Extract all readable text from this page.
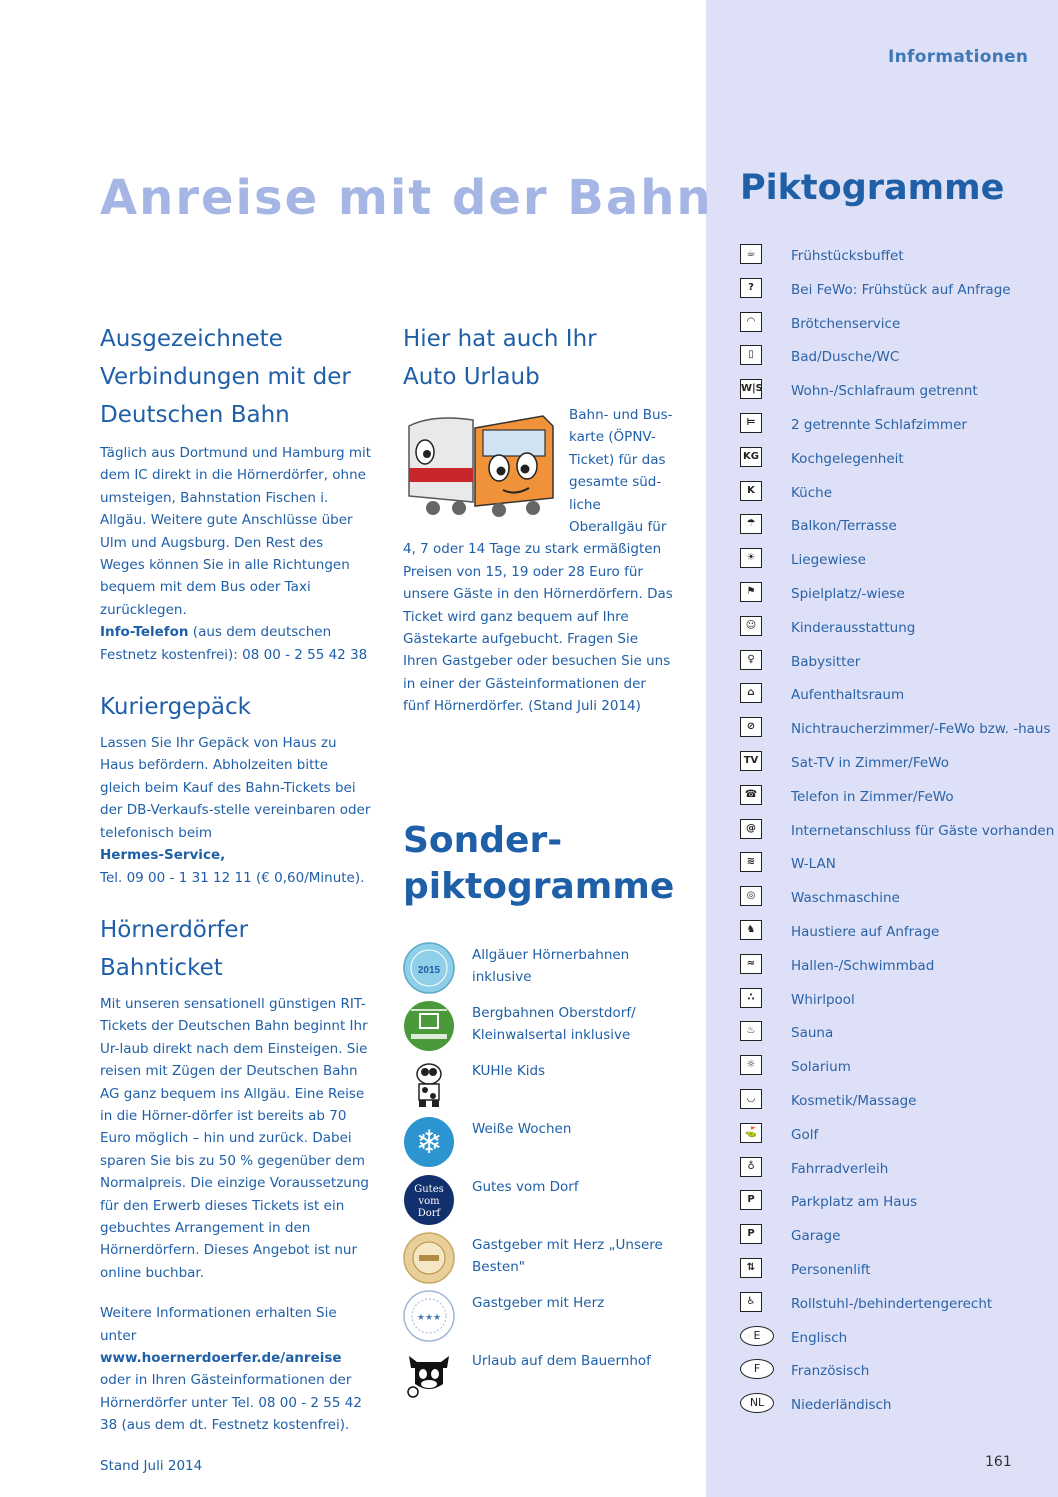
Informationen
Anreise mit der Bahn
Ausgezeichnete
Verbindungen mit der
Deutschen Bahn

Täglich aus Dortmund und Hamburg mit dem IC direkt in die Hörnerdörfer, ohne umsteigen, Bahnstation Fischen i. Allgäu. Weitere gute Anschlüsse über Ulm und Augsburg. Den Rest des Weges können Sie in alle Richtungen bequem mit dem Bus oder Taxi zurücklegen.
Info-Telefon (aus dem deutschen Festnetz kostenfrei): 08 00 - 2 55 42 38

Kuriergepäck

Lassen Sie Ihr Gepäck von Haus zu Haus befördern. Abholzeiten bitte gleich beim Kauf des Bahn-Tickets bei der DB-Verkaufs-stelle vereinbaren oder telefonisch beim
Hermes-Service,
Tel. 09 00 - 1 31 12 11 (€ 0,60/Minute).

Hörnerdörfer Bahnticket

Mit unseren sensationell günstigen RIT-Tickets der Deutschen Bahn beginnt Ihr Ur-laub direkt nach dem Einsteigen. Sie reisen mit Zügen der Deutschen Bahn AG ganz bequem ins Allgäu. Eine Reise in die Hörner-dörfer ist bereits ab 70 Euro möglich – hin und zurück. Dabei sparen Sie bis zu 50 % gegenüber dem Normalpreis. Die einzige Voraussetzung für den Erwerb dieses Tickets ist ein gebuchtes Arrangement in den Hörnerdörfern. Dieses Angebot ist nur online buchbar.

Weitere Informationen erhalten Sie unter www.hoernerdoerfer.de/anreise oder in Ihren Gästeinformationen der Hörnerdörfer unter Tel. 08 00 - 2 55 42 38 (aus dem dt. Festnetz kostenfrei).

Stand Juli 2014

Hier hat auch Ihr
Auto Urlaub

Bahn- und Bus-karte (ÖPNV-Ticket) für das gesamte süd-liche Oberallgäu für 4, 7 oder 14 Tage zu stark ermäßigten Preisen von 15, 19 oder 28 Euro für unsere Gäste in den Hörnerdörfern. Das Ticket wird ganz bequem auf Ihre Gästekarte aufgebucht. Fragen Sie Ihren Gastgeber oder besuchen Sie uns in einer der Gästeinformationen der fünf Hörnerdörfer. (Stand Juli 2014)

Sonder-
piktogramme
2015
Allgäuer Hörnerbahnen inklusive
Bergbahnen Oberstdorf/ Kleinwalsertal inklusive
KUHle Kids
❄ Weiße Wochen
Gutes
vom
Dorf
Gutes vom Dorf
Gastgeber mit Herz „Unsere Besten"
★★★
Gastgeber mit Herz
Urlaub auf dem Bauernhof
Piktogramme
☕	Frühstücksbuffet
?	Bei FeWo: Frühstück auf Anfrage
◠	Brötchenservice
▯	Bad/Dusche/WC
W|S Wohn-/Schlafraum getrennt
⊨	2 getrennte Schlafzimmer
KG Kochgelegenheit
K	Küche
☂	Balkon/Terrasse
☀	Liegewiese
⚑	Spielplatz/-wiese
☺	Kinderausstattung
♀	Babysitter
⌂	Aufenthaltsraum
⊘	Nichtraucherzimmer/-FeWo bzw. -haus
TV Sat-TV in Zimmer/FeWo
☎	Telefon in Zimmer/FeWo
@	Internetanschluss für Gäste vorhanden
≋	W-LAN
◎	Waschmaschine
♞	Haustiere auf Anfrage
≈	Hallen-/Schwimmbad
∴	Whirlpool
♨	Sauna
☼	Solarium
◡	Kosmetik/Massage
⛳	Golf
♁	Fahrradverleih
P	Parkplatz am Haus
P	Garage
⇅	Personenlift
♿	Rollstuhl-/behindertengerecht
E	Englisch
F	Französisch
NL	Niederländisch
161
